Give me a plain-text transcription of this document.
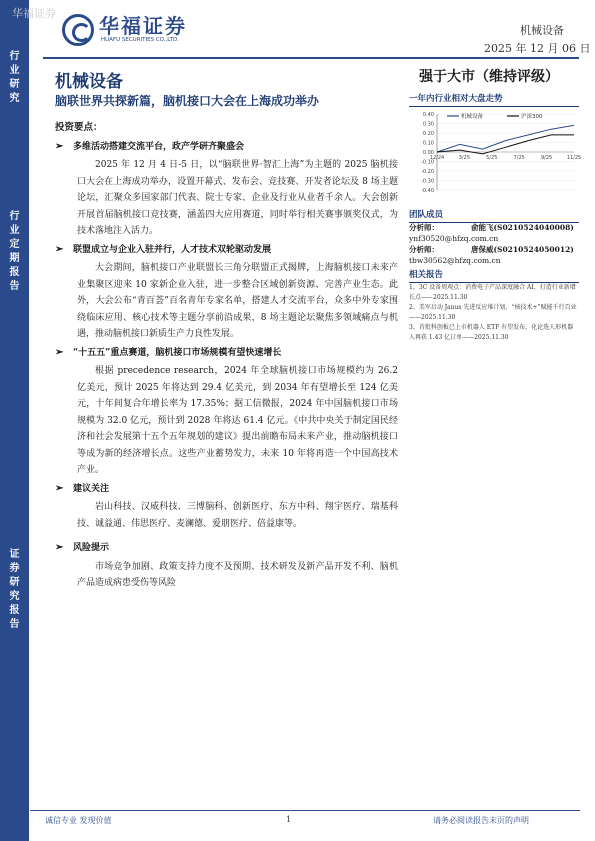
行
业
研
究
行
业
定
期
报
告
证
券
研
究
报
告
华福证券
华福证券
HUAFU SECURITIES CO.,LTD.
机械设备
2025 年 12 月 06 日
机械设备
脑联世界共探新篇，脑机接口大会在上海成功举办
强于大市（维持评级）
投资要点：
➢	多维活动搭建交流平台，政产学研齐聚盛会
2025 年 12 月 4 日-5 日，以“脑联世界·智汇上海”为主题的 2025 脑机接口大会在上海成功举办，设置开幕式、发布会、竞技赛、开发者论坛及 8 场主题论坛，汇聚众多国家部门代表、院士专家、企业及行业从业者千余人。大会创新开展首届脑机接口竞技赛，涵盖四大应用赛道，同时举行相关赛事颁奖仪式，为技术落地注入活力。
➢	联盟成立与企业入驻并行，人才技术双轮驱动发展
大会期间，脑机接口产业联盟长三角分联盟正式揭牌，上海脑机接口未来产业集聚区迎来 10 家新企业入驻，进一步整合区域创新资源、完善产业生态。此外，大会公布“青百荟”百名青年专家名单，搭建人才交流平台，众多中外专家围绕临床应用、核心技术等主题分享前沿成果，8 场主题论坛聚焦多领域痛点与机遇，推动脑机接口新质生产力良性发展。
➢	“十五五”重点赛道，脑机接口市场规模有望快速增长
根据 precedence research，2024 年全球脑机接口市场规模约为 26.2 亿美元，预计 2025 年将达到 29.4 亿美元，到 2034 年有望增长至 124 亿美元，十年间复合年增长率为 17.35%；据工信微报，2024 年中国脑机接口市场规模为 32.0 亿元，预计到 2028 年将达 61.4 亿元。《中共中央关于制定国民经济和社会发展第十五个五年规划的建议》提出前瞻布局未来产业，推动脑机接口等成为新的经济增长点。这些产业蓄势发力，未来 10 年将再造一个中国高技术产业。
➢	建议关注
岩山科技、汉威科技、三博脑科、创新医疗、东方中科、翔宇医疗、瑞基科技、诚益通、伟思医疗、麦澜德、爱朋医疗、倍益康等。
➢	风险提示
市场竞争加剧、政策支持力度不及预期、技术研发及新产品开发不利、脑机产品造成病患受伤等风险
一年内行业相对大盘走势
0.40
0.30
0.20
0.10
0.00
-0.10
-0.20
-0.30
-0.40
12/24	3/25	5/25	7/25	9/25	11/25
机械设备	沪深300
团队成员
分析师：	俞能飞(S0210524040008)
ynf30520@hfzq.com.cn
分析师：	唐保威(S0210524050012)
tbw30562@hfzq.com.cn
相关报告
1、3C 设备周观点：消费电子产品深度融合 AI，打造行业新增长点——2025.11.30
2、美军启动 Janus 先进反应堆计划，“核技术+”赋能千行百业——2025.11.30
3、首批科创板已上市机器人 ETF 有望发布，化论选人形机器人再获 1.43 亿订单——2025.11.30
诚信专业 发现价值	1	请务必阅读报告末页的声明
